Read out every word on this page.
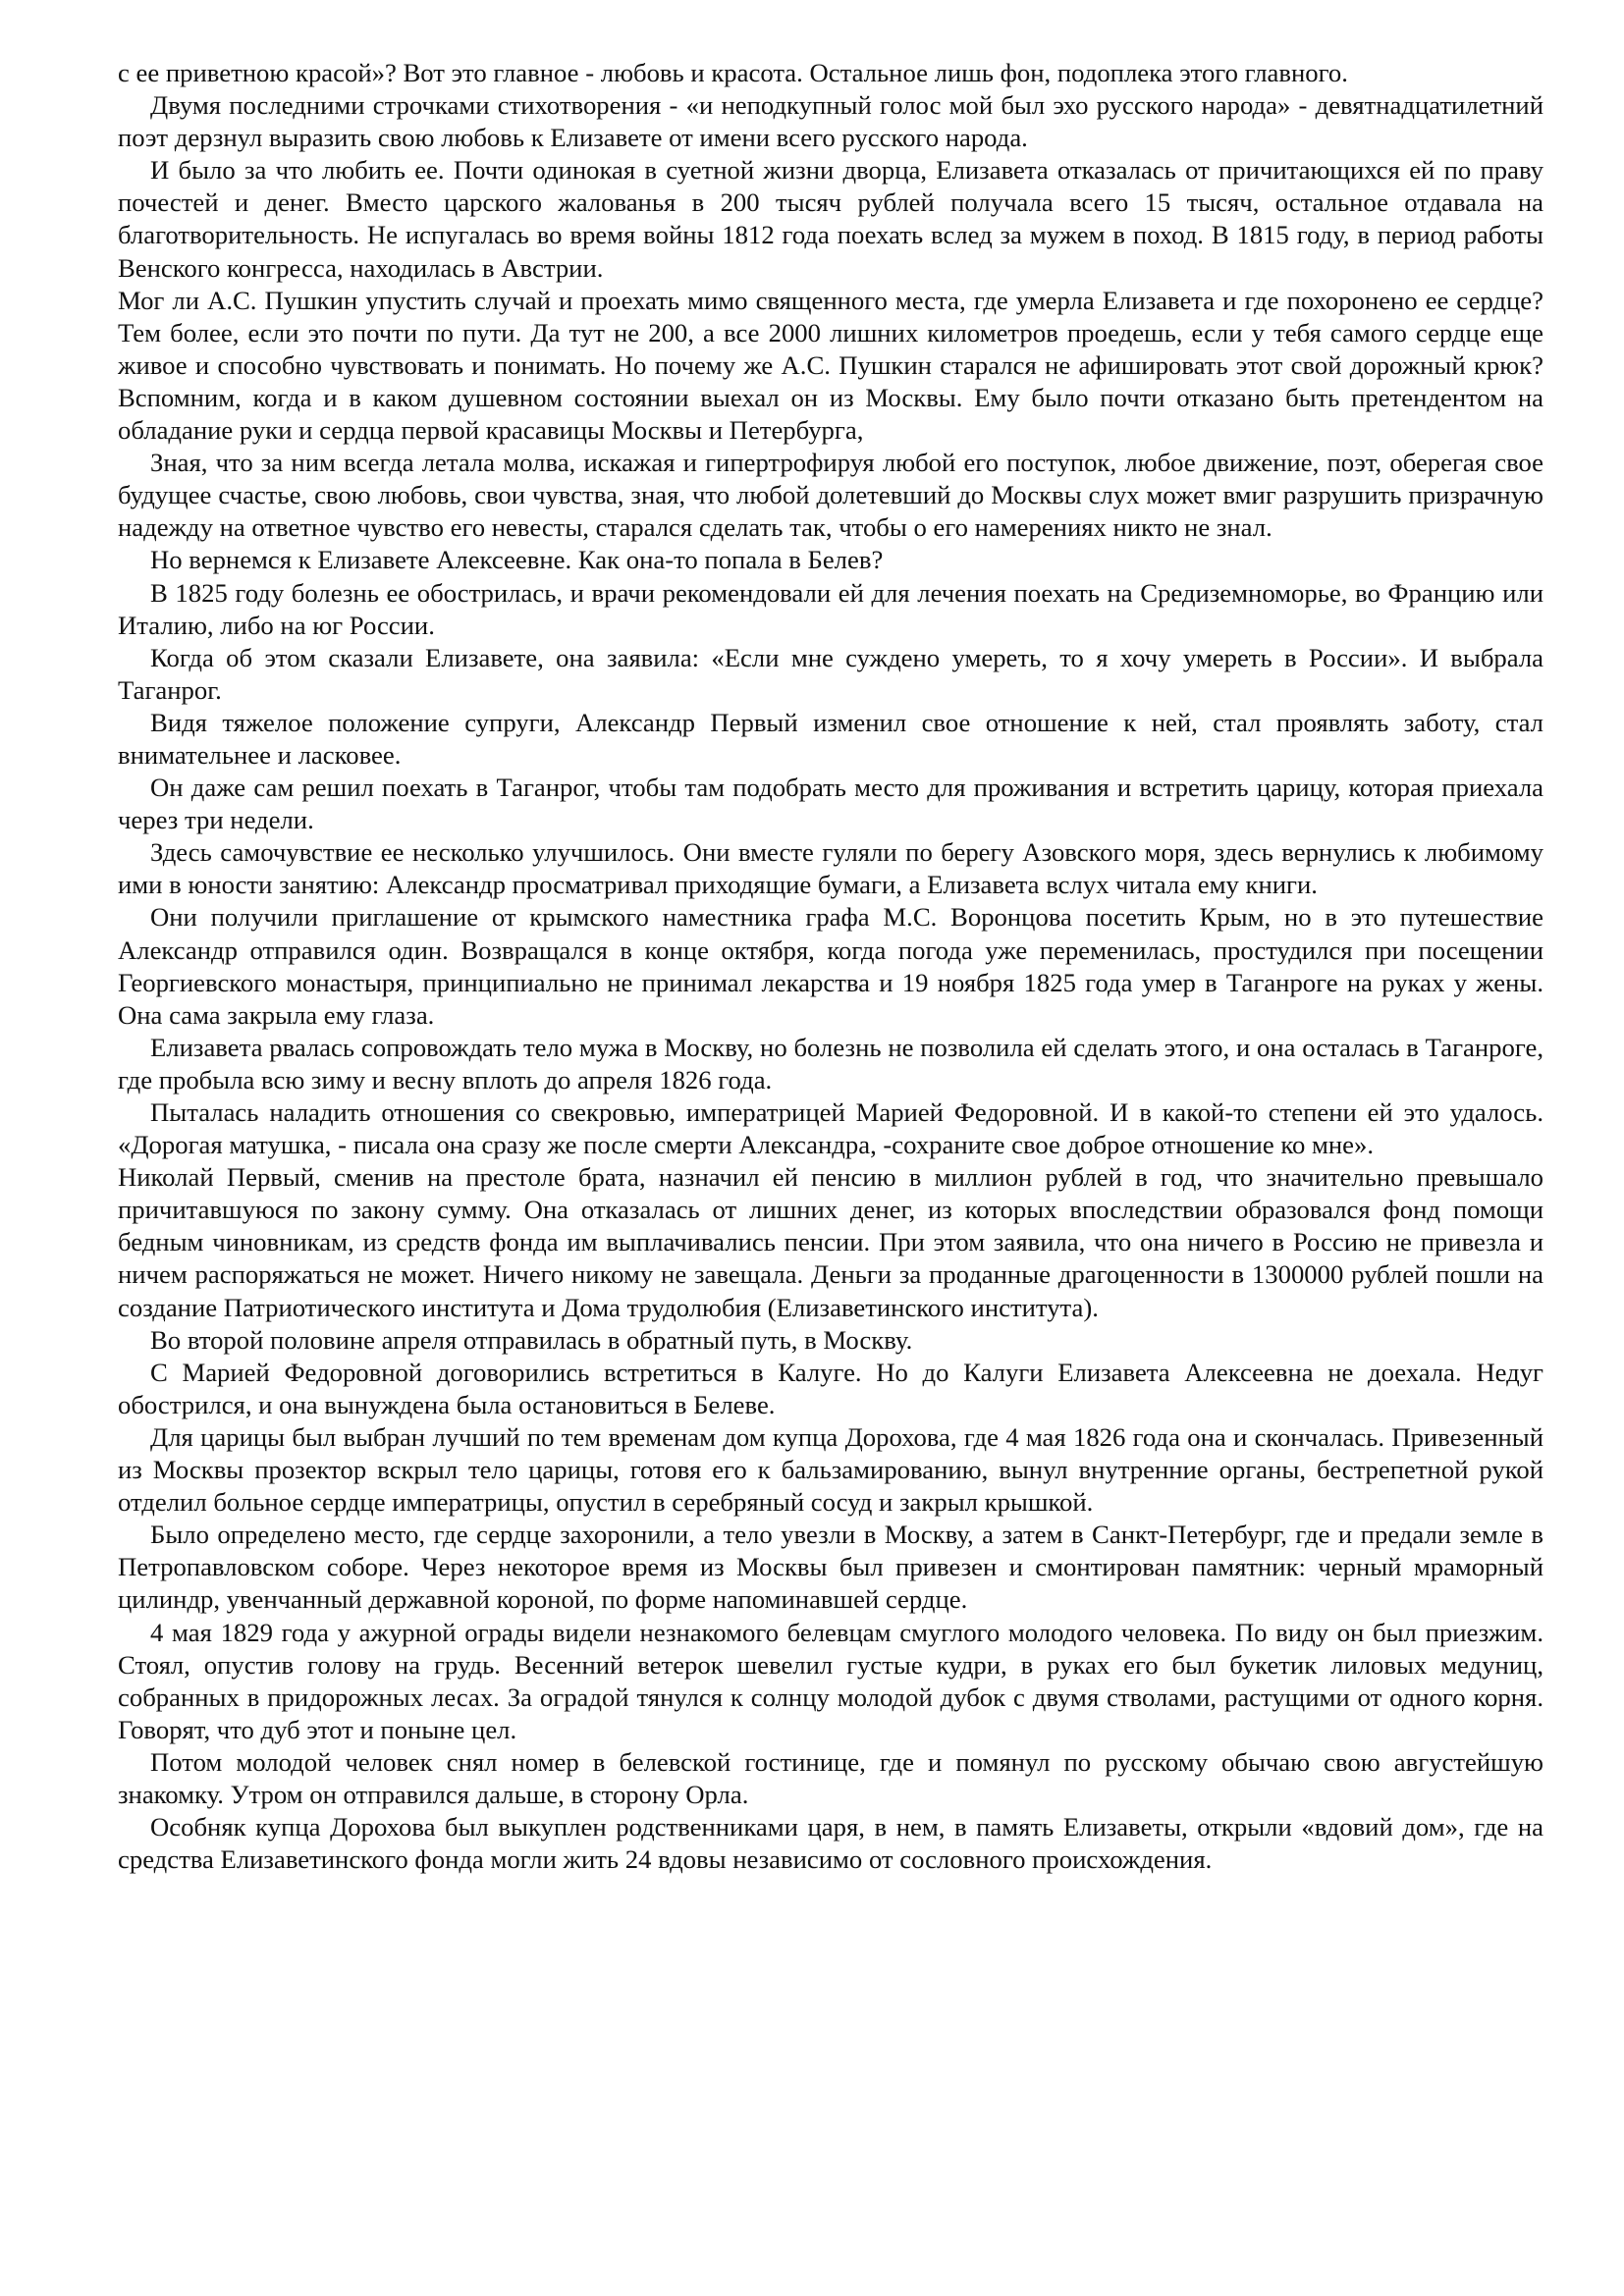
с ее приветною красой»? Вот это главное - любовь и красота. Остальное лишь фон, подоплека этого главного.

Двумя последними строчками стихотворения - «и неподкупный голос мой был эхо русского народа» - девятнадцатилетний поэт дерзнул выразить свою любовь к Елизавете от имени всего русского народа.

И было за что любить ее. Почти одинокая в суетной жизни дворца, Елизавета отказалась от причитающихся ей по праву почестей и денег. Вместо царского жалованья в 200 тысяч рублей получала всего 15 тысяч, остальное отдавала на благотворительность. Не испугалась во время войны 1812 года поехать вслед за мужем в поход. В 1815 году, в период работы Венского конгресса, находилась в Австрии.

Мог ли А.С. Пушкин упустить случай и проехать мимо священного места, где умерла Елизавета и где похоронено ее сердце? Тем более, если это почти по пути. Да тут не 200, а все 2000 лишних километров проедешь, если у тебя самого сердце еще живое и способно чувствовать и понимать. Но почему же А.С. Пушкин старался не афишировать этот свой дорожный крюк? Вспомним, когда и в каком душевном состоянии выехал он из Москвы. Ему было почти отказано быть претендентом на обладание руки и сердца первой красавицы Москвы и Петербурга,

Зная, что за ним всегда летала молва, искажая и гипертрофируя любой его поступок, любое движение, поэт, оберегая свое будущее счастье, свою любовь, свои чувства, зная, что любой долетевший до Москвы слух может вмиг разрушить призрачную надежду на ответное чувство его невесты, старался сделать так, чтобы о его намерениях никто не знал.

Но вернемся к Елизавете Алексеевне. Как она-то попала в Белев?

В 1825 году болезнь ее обострилась, и врачи рекомендовали ей для лечения поехать на Средиземноморье, во Францию или Италию, либо на юг России.

Когда об этом сказали Елизавете, она заявила: «Если мне суждено умереть, то я хочу умереть в России». И выбрала Таганрог.

Видя тяжелое положение супруги, Александр Первый изменил свое отношение к ней, стал проявлять заботу, стал внимательнее и ласковее.

Он даже сам решил поехать в Таганрог, чтобы там подобрать место для проживания и встретить царицу, которая приехала через три недели.

Здесь самочувствие ее несколько улучшилось. Они вместе гуляли по берегу Азовского моря, здесь вернулись к любимому ими в юности занятию: Александр просматривал приходящие бумаги, а Елизавета вслух читала ему книги.

Они получили приглашение от крымского наместника графа М.С. Воронцова посетить Крым, но в это путешествие Александр отправился один. Возвращался в конце октября, когда погода уже переменилась, простудился при посещении Георгиевского монастыря, принципиально не принимал лекарства и 19 ноября 1825 года умер в Таганроге на руках у жены. Она сама закрыла ему глаза.

Елизавета рвалась сопровождать тело мужа в Москву, но болезнь не позволила ей сделать этого, и она осталась в Таганроге, где пробыла всю зиму и весну вплоть до апреля 1826 года.

Пыталась наладить отношения со свекровью, императрицей Марией Федоровной. И в какой-то степени ей это удалось. «Дорогая матушка, - писала она сразу же после смерти Александра, -сохраните свое доброе отношение ко мне».

Николай Первый, сменив на престоле брата, назначил ей пенсию в миллион рублей в год, что значительно превышало причитавшуюся по закону сумму. Она отказалась от лишних денег, из которых впоследствии образовался фонд помощи бедным чиновникам, из средств фонда им выплачивались пенсии. При этом заявила, что она ничего в Россию не привезла и ничем распоряжаться не может. Ничего никому не завещала. Деньги за проданные драгоценности в 1300000 рублей пошли на создание Патриотического института и Дома трудолюбия (Елизаветинского института).

Во второй половине апреля отправилась в обратный путь, в Москву.

С Марией Федоровной договорились встретиться в Калуге. Но до Калуги Елизавета Алексеевна не доехала. Недуг обострился, и она вынуждена была остановиться в Белеве.

Для царицы был выбран лучший по тем временам дом купца Дорохова, где 4 мая 1826 года она и скончалась. Привезенный из Москвы прозектор вскрыл тело царицы, готовя его к бальзамированию, вынул внутренние органы, бестрепетной рукой отделил больное сердце императрицы, опустил в серебряный сосуд и закрыл крышкой.

Было определено место, где сердце захоронили, а тело увезли в Москву, а затем в Санкт-Петербург, где и предали земле в Петропавловском соборе. Через некоторое время из Москвы был привезен и смонтирован памятник: черный мраморный цилиндр, увенчанный державной короной, по форме напоминавшей сердце.

4 мая 1829 года у ажурной ограды видели незнакомого белевцам смуглого молодого человека. По виду он был приезжим. Стоял, опустив голову на грудь. Весенний ветерок шевелил густые кудри, в руках его был букетик лиловых медуниц, собранных в придорожных лесах. За оградой тянулся к солнцу молодой дубок с двумя стволами, растущими от одного корня. Говорят, что дуб этот и поныне цел.

Потом молодой человек снял номер в белевской гостинице, где и помянул по русскому обычаю свою августейшую знакомку. Утром он отправился дальше, в сторону Орла.

Особняк купца Дорохова был выкуплен родственниками царя, в нем, в память Елизаветы, открыли «вдовий дом», где на средства Елизаветинского фонда могли жить 24 вдовы независимо от сословного происхождения.
